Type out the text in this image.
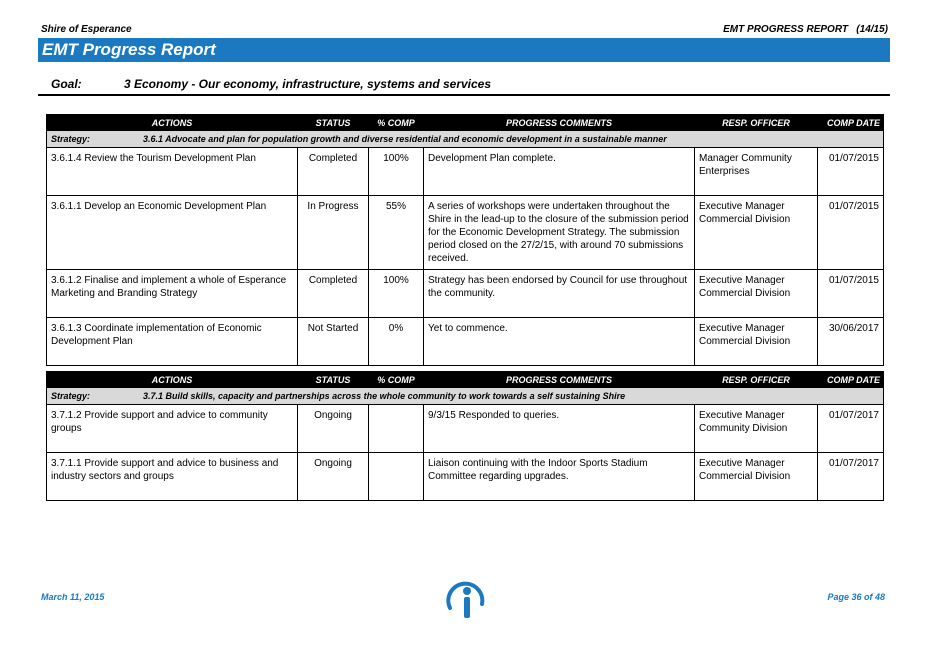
Shire of Esperance	EMT PROGRESS REPORT   (14/15)
EMT Progress Report
Goal:	3 Economy - Our economy, infrastructure, systems and services
ACTIONS	STATUS	% COMP	PROGRESS COMMENTS	RESP. OFFICER	COMP DATE
Strategy: 3.6.1 Advocate and plan for population growth and diverse residential and economic development in a sustainable manner					
3.6.1.4 Review the Tourism Development Plan	Completed	100%	Development Plan complete.	Manager Community Enterprises	01/07/2015
3.6.1.1 Develop an Economic Development Plan	In Progress	55%	A series of workshops were undertaken throughout the Shire in the lead-up to the closure of the submission period for the Economic Development Strategy. The submission period closed on the 27/2/15, with around 70 submissions received.	Executive Manager Commercial Division	01/07/2015
3.6.1.2 Finalise and implement a whole of Esperance Marketing and Branding Strategy	Completed	100%	Strategy has been endorsed by Council for use throughout the community.	Executive Manager Commercial Division	01/07/2015
3.6.1.3 Coordinate implementation of Economic Development Plan	Not Started	0%	Yet to commence.	Executive Manager Commercial Division	30/06/2017
ACTIONS	STATUS	% COMP	PROGRESS COMMENTS	RESP. OFFICER	COMP DATE
Strategy: 3.7.1 Build skills, capacity and partnerships across the whole community to work towards a self sustaining Shire					
3.7.1.2 Provide support and advice to community groups	Ongoing		9/3/15 Responded to queries.	Executive Manager Community Division	01/07/2017
3.7.1.1 Provide support and advice to business and industry sectors and groups	Ongoing		Liaison continuing with the Indoor Sports Stadium Committee regarding upgrades.	Executive Manager Commercial Division	01/07/2017
March 11, 2015	Page 36 of 48
